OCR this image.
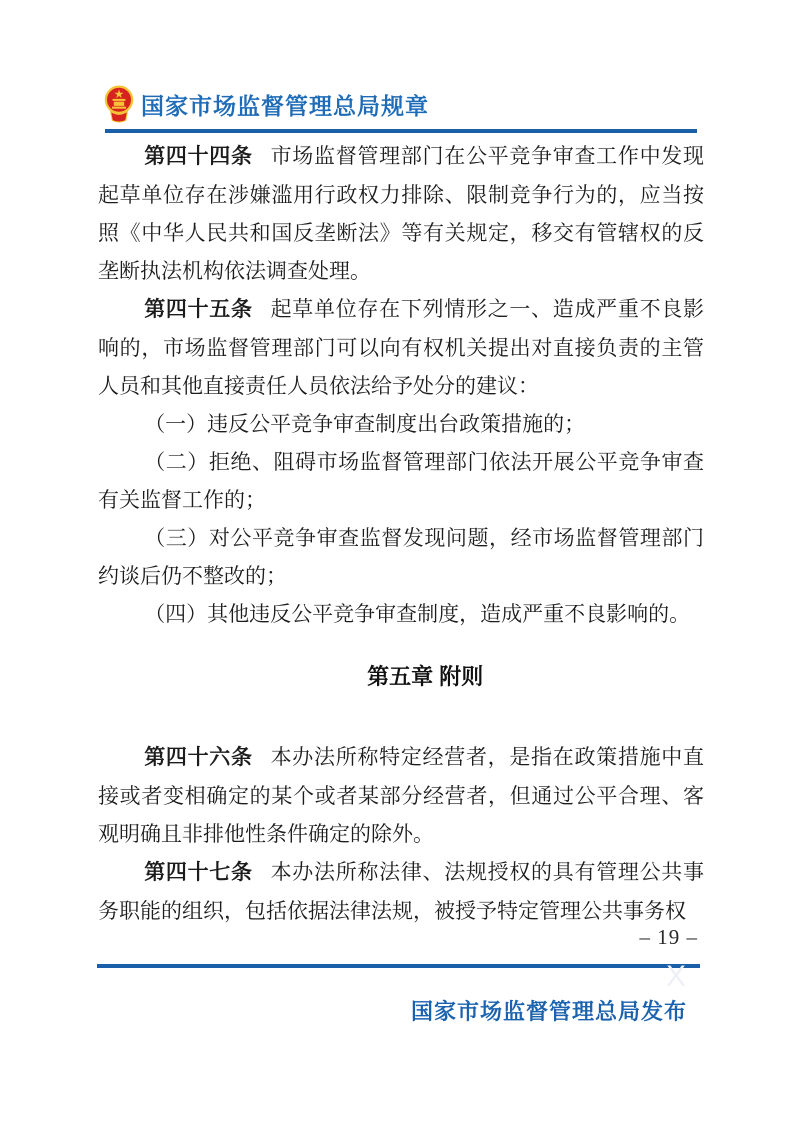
国家市场监督管理总局规章

第四十四条 市场监督管理部门在公平竞争审查工作中发现起草单位存在涉嫌滥用行政权力排除、限制竞争行为的，应当按照《中华人民共和国反垄断法》等有关规定，移交有管辖权的反垄断执法机构依法调查处理。

第四十五条 起草单位存在下列情形之一、造成严重不良影响的，市场监督管理部门可以向有权机关提出对直接负责的主管人员和其他直接责任人员依法给予处分的建议：

（一）违反公平竞争审查制度出台政策措施的；

（二）拒绝、阻碍市场监督管理部门依法开展公平竞争审查有关监督工作的；

（三）对公平竞争审查监督发现问题，经市场监督管理部门约谈后仍不整改的；

（四）其他违反公平竞争审查制度，造成严重不良影响的。

第五章 附则

第四十六条 本办法所称特定经营者，是指在政策措施中直接或者变相确定的某个或者某部分经营者，但通过公平合理、客观明确且非排他性条件确定的除外。

第四十七条 本办法所称法律、法规授权的具有管理公共事务职能的组织，包括依据法律法规，被授予特定管理公共事务权

– 19 –
X
国家市场监督管理总局发布
